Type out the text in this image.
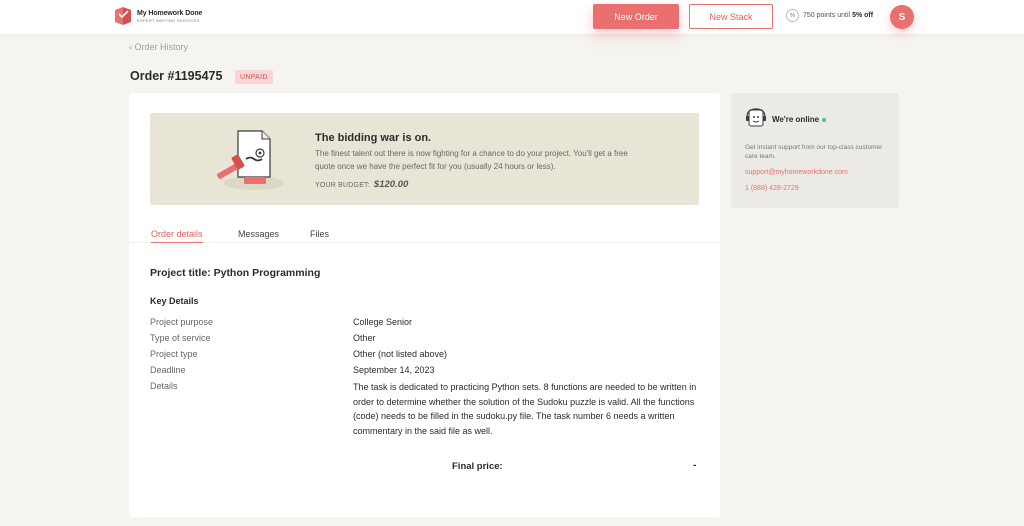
My Homework Done
EXPERT WRITING SERVICES	New Order	New Stack	%	750 points until 5% off	S
‹ Order History
Order #1195475	UNPAID
The bidding war is on.
The finest talent out there is now fighting for a chance to do your project. You'll get a free quote once we have the perfect fit for you (usually 24 hours or less).
YOUR BUDGET: $120.00
Order details	Messages	Files
Project title: Python Programming
Key Details
Project purpose	College Senior
Type of service	Other
Project type	Other (not listed above)
Deadline	September 14, 2023
Details	The task is dedicated to practicing Python sets. 8 functions are needed to be written in order to determine whether the solution of the Sudoku puzzle is valid. All the functions (code) needs to be filled in the sudoku.py file. The task number 6 needs a written commentary in the said file as well.
Final price:	-
We're online
Get instant support from our top-class customer care team.
support@myhomeworkdone.com
1 (888) 428-2729
